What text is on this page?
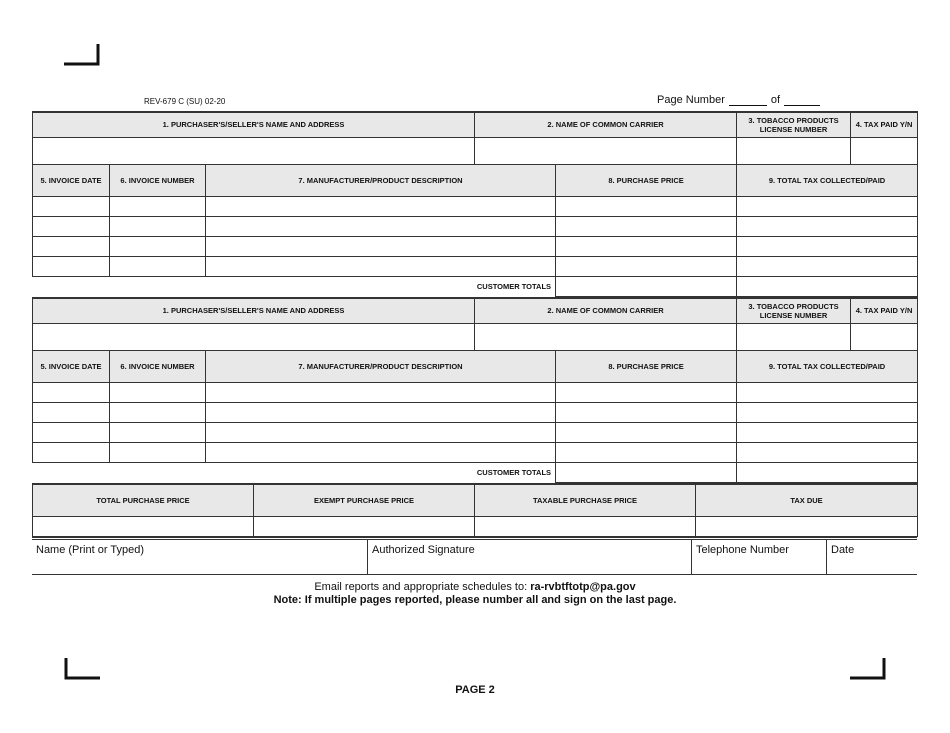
REV-679 C (SU) 02-20	Page Number	of
1. PURCHASER'S/SELLER'S NAME AND ADDRESS			2. NAME OF COMMON CARRIER		3. TOBACCO PRODUCTS LICENSE NUMBER	4. TAX PAID Y/N

5. INVOICE DATE	6. INVOICE NUMBER	7. MANUFACTURER/PRODUCT DESCRIPTION		8. PURCHASE PRICE	9. TOTAL TAX COLLECTED/PAID	

CUSTOMER TOTALS						
1. PURCHASER'S/SELLER'S NAME AND ADDRESS			2. NAME OF COMMON CARRIER		3. TOBACCO PRODUCTS LICENSE NUMBER	4. TAX PAID Y/N

5. INVOICE DATE	6. INVOICE NUMBER	7. MANUFACTURER/PRODUCT DESCRIPTION		8. PURCHASE PRICE	9. TOTAL TAX COLLECTED/PAID	

CUSTOMER TOTALS						
TOTAL PURCHASE PRICE	EXEMPT PURCHASE PRICE	TAXABLE PURCHASE PRICE	TAX DUE

Name (Print or Typed)	Authorized Signature	Telephone Number	Date
Email reports and appropriate schedules to: ra-rvbtftotp@pa.gov
Note: If multiple pages reported, please number all and sign on the last page.
PAGE 2
